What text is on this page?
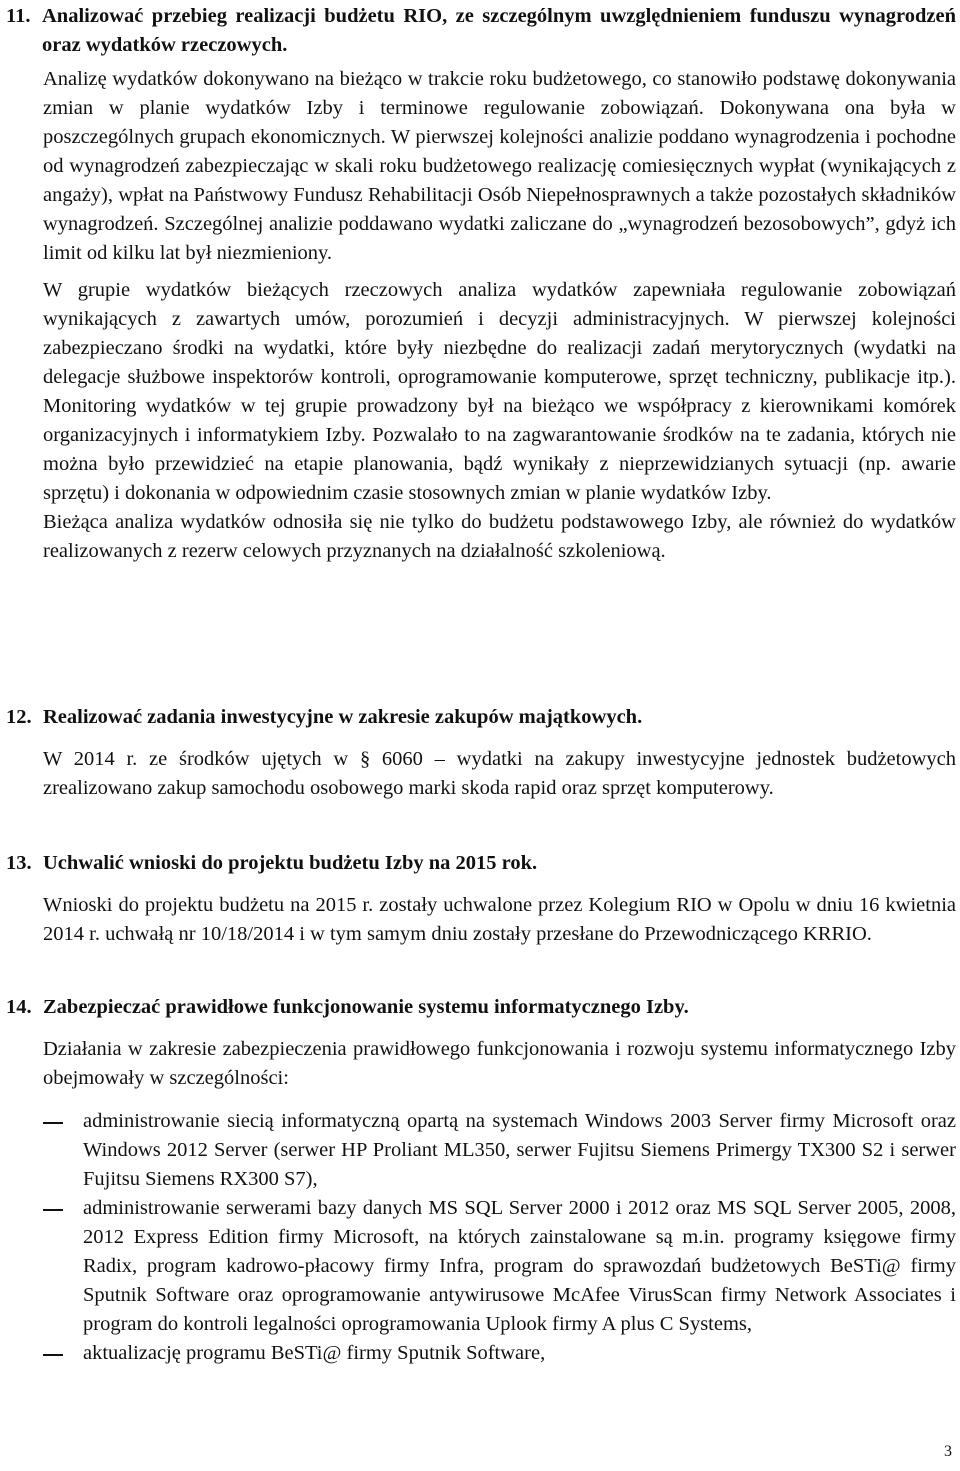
11. Analizować przebieg realizacji budżetu RIO, ze szczególnym uwzględnieniem funduszu wynagrodzeń oraz wydatków rzeczowych.

Analizę wydatków dokonywano na bieżąco w trakcie roku budżetowego, co stanowiło podstawę dokonywania zmian w planie wydatków Izby i terminowe regulowanie zobowiązań. Dokonywana ona była w poszczególnych grupach ekonomicznych. W pierwszej kolejności analizie poddano wynagrodzenia i pochodne od wynagrodzeń zabezpieczając w skali roku budżetowego realizację comiesięcznych wypłat (wynikających z angaży), wpłat na Państwowy Fundusz Rehabilitacji Osób Niepełnosprawnych a także pozostałych składników wynagrodzeń. Szczególnej analizie poddawano wydatki zaliczane do „wynagrodzeń bezosobowych”, gdyż ich limit od kilku lat był niezmieniony.

W grupie wydatków bieżących rzeczowych analiza wydatków zapewniała regulowanie zobowiązań wynikających z zawartych umów, porozumień i decyzji administracyjnych. W pierwszej kolejności zabezpieczano środki na wydatki, które były niezbędne do realizacji zadań merytorycznych (wydatki na delegacje służbowe inspektorów kontroli, oprogramowanie komputerowe, sprzęt techniczny, publikacje itp.). Monitoring wydatków w tej grupie prowadzony był na bieżąco we współpracy z kierownikami komórek organizacyjnych i informatykiem Izby. Pozwalało to na zagwarantowanie środków na te zadania, których nie można było przewidzieć na etapie planowania, bądź wynikały z nieprzewidzianych sytuacji (np. awarie sprzętu) i dokonania w odpowiednim czasie stosownych zmian w planie wydatków Izby.

Bieżąca analiza wydatków odnosiła się nie tylko do budżetu podstawowego Izby, ale również do wydatków realizowanych z rezerw celowych przyznanych na działalność szkoleniową.

12. Realizować zadania inwestycyjne w zakresie zakupów majątkowych.

W 2014 r. ze środków ujętych w § 6060 – wydatki na zakupy inwestycyjne jednostek budżetowych zrealizowano zakup samochodu osobowego marki skoda rapid oraz sprzęt komputerowy.

13. Uchwalić wnioski do projektu budżetu Izby na 2015 rok.

Wnioski do projektu budżetu na 2015 r. zostały uchwalone przez Kolegium RIO w Opolu w dniu 16 kwietnia 2014 r. uchwałą nr 10/18/2014 i w tym samym dniu zostały przesłane do Przewodniczącego KRRIO.

14. Zabezpieczać prawidłowe funkcjonowanie systemu informatycznego Izby.

Działania w zakresie zabezpieczenia prawidłowego funkcjonowania i rozwoju systemu informatycznego Izby obejmowały w szczególności:

administrowanie siecią informatyczną opartą na systemach Windows 2003 Server firmy Microsoft oraz Windows 2012 Server (serwer HP Proliant ML350, serwer Fujitsu Siemens Primergy TX300 S2 i serwer Fujitsu Siemens RX300 S7),
administrowanie serwerami bazy danych MS SQL Server 2000 i 2012 oraz MS SQL Server 2005, 2008, 2012 Express Edition firmy Microsoft, na których zainstalowane są m.in. programy księgowe firmy Radix, program kadrowo-płacowy firmy Infra, program do sprawozdań budżetowych BeSTi@ firmy Sputnik Software oraz oprogramowanie antywirusowe McAfee VirusScan firmy Network Associates i program do kontroli legalności oprogramowania Uplook firmy A plus C Systems,
aktualizację programu BeSTi@ firmy Sputnik Software,
3
